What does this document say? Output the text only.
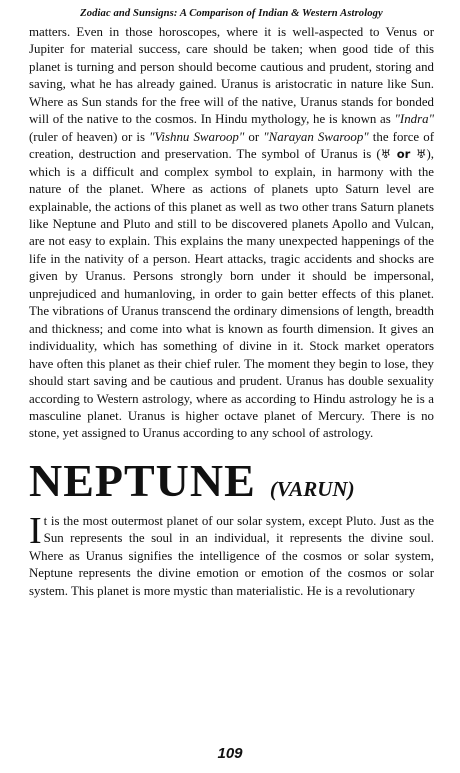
Zodiac and Sunsigns: A Comparison of Indian & Western Astrology

matters. Even in those horoscopes, where it is well-aspected to Venus or Jupiter for material success, care should be taken; when good tide of this planet is turning and person should become cautious and prudent, storing and saving, what he has already gained. Uranus is aristocratic in nature like Sun. Where as Sun stands for the free will of the native, Uranus stands for bonded will of the native to the cosmos. In Hindu mythology, he is known as "Indra" (ruler of heaven) or is "Vishnu Swaroop" or "Narayan Swaroop" the force of creation, destruction and preservation. The symbol of Uranus is (♅ or ♅), which is a difficult and complex symbol to explain, in harmony with the nature of the planet. Where as actions of planets upto Saturn level are explainable, the actions of this planet as well as two other trans Saturn planets like Neptune and Pluto and still to be discovered planets Apollo and Vulcan, are not easy to explain. This explains the many unexpected happenings of the life in the nativity of a person. Heart attacks, tragic accidents and shocks are given by Uranus. Persons strongly born under it should be impersonal, unprejudiced and humanloving, in order to gain better effects of this planet. The vibrations of Uranus transcend the ordinary dimensions of length, breadth and thickness; and come into what is known as fourth dimension. It gives an individuality, which has something of divine in it. Stock market operators have often this planet as their chief ruler. The moment they begin to lose, they should start saving and be cautious and prudent. Uranus has double sexuality according to Western astrology, where as according to Hindu astrology he is a masculine planet. Uranus is higher octave planet of Mercury. There is no stone, yet assigned to Uranus according to any school of astrology.

NEPTUNE (VARUN)

It is the most outermost planet of our solar system, except Pluto. Just as the Sun represents the soul in an individual, it represents the divine soul. Where as Uranus signifies the intelligence of the cosmos or solar system, Neptune represents the divine emotion or emotion of the cosmos or solar system. This planet is more mystic than materialistic. He is a revolutionary

109
